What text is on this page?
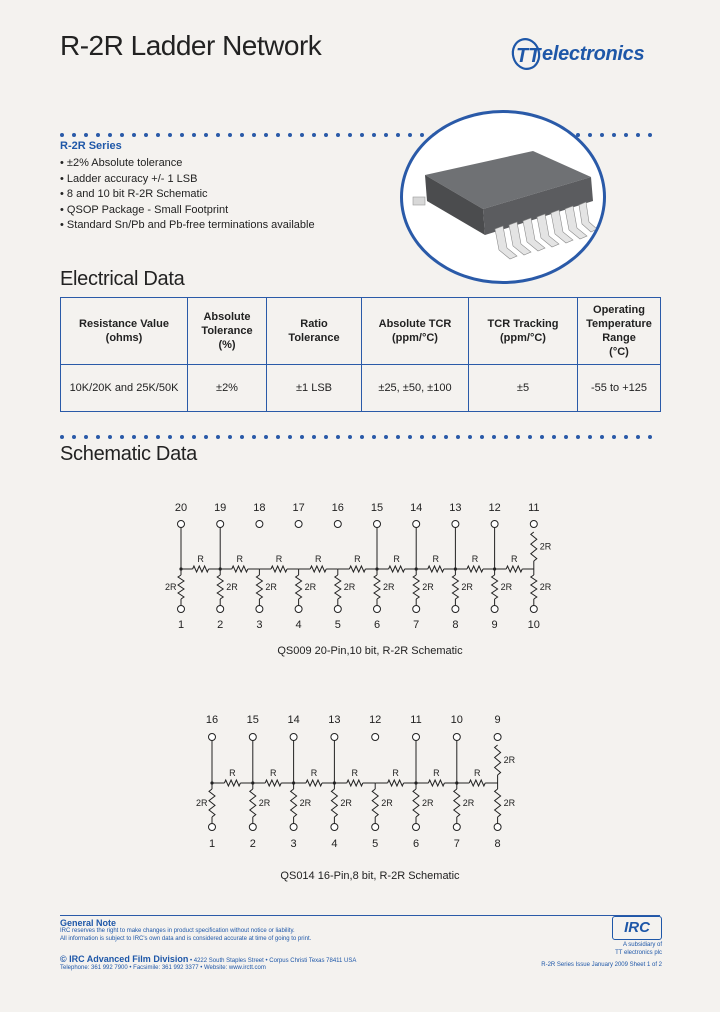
R-2R Ladder Network	TT electronics
R-2R Series
• ±2% Absolute tolerance
• Ladder accuracy +/- 1 LSB
• 8 and 10 bit R-2R Schematic
• QSOP Package - Small Footprint
• Standard Sn/Pb and Pb-free terminations available
Electrical Data
Resistance Value
(ohms)	Absolute
Tolerance
(%)	Ratio
Tolerance	Absolute TCR
(ppm/°C)	TCR Tracking
(ppm/°C)	Operating
Temperature Range
(°C)
10K/20K and 25K/50K	±2%	±1 LSB	±25, ±50, ±100	±5	-55 to +125
Schematic Data
R	R	R	R	R	R	R	R	R
20
2R
1
19
2R
2
18
2R
3
17
2R
4
16
2R
5
15
2R
6
14
2R
7
13
2R
8
12
2R
9
11
2R
2R
10
QS009 20-Pin,10 bit, R-2R Schematic
R	R	R	R	R	R	R
16
2R
1
15
2R
2
14
2R
3
13
2R
4
12
2R
5
11
2R
6
10
2R
7
9
2R
2R
8
QS014 16-Pin,8 bit, R-2R Schematic
General Note
IRC reserves the right to make changes in product specification without notice or liability.
All information is subject to IRC's own data and is considered accurate at time of going to print.
© IRC Advanced Film Division • 4222 South Staples Street • Corpus Christi Texas 78411 USA
Telephone: 361 992 7900 • Facsimile: 361 992 3377 • Website: www.irctt.com
IRC
A subsidiary of
TT electronics plc
R-2R Series Issue January 2009 Sheet 1 of 2
